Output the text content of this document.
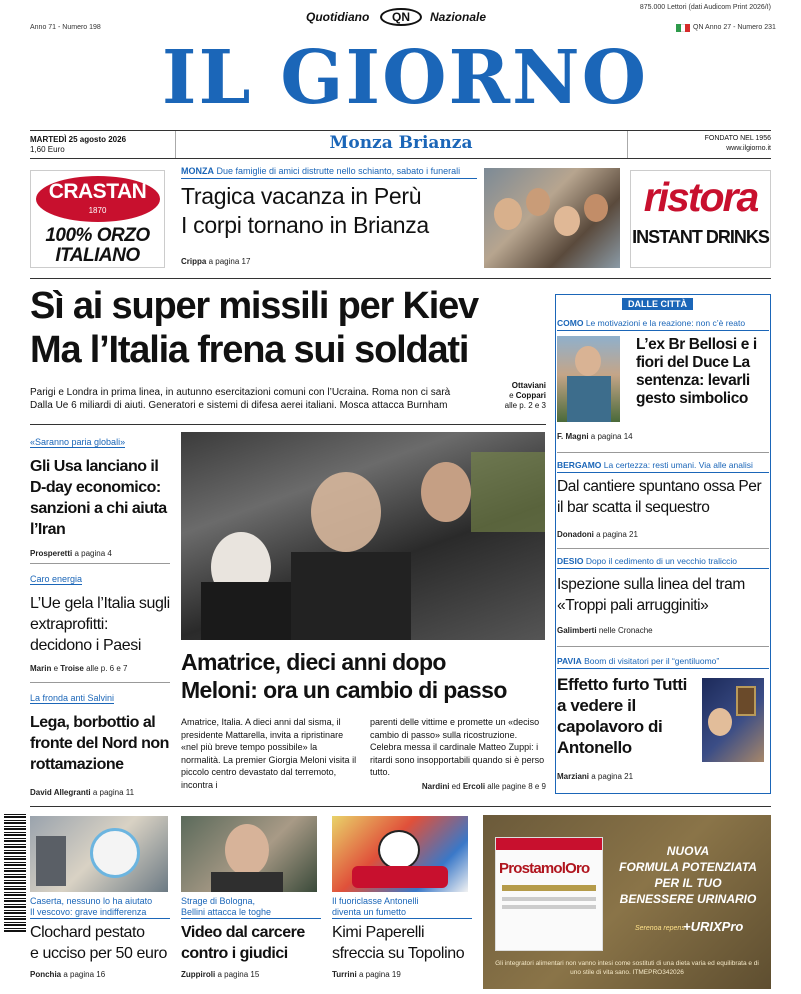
Anno 71 - Numero 198
875.000 Lettori (dati Audicom Print 2026/I)
QN Anno 27 - Numero 231
Quotidiano	QN	Nazionale
IL GIORNO
MARTEDÌ 25 agosto 2026
1,60 Euro	Monza Brianza	FONDATO NEL 1956
www.ilgiorno.it
CRASTAN
1870
100% ORZO
ITALIANO
MONZA Due famiglie di amici distrutte nello schianto, sabato i funerali
Tragica vacanza in Perù
I corpi tornano in Brianza
Crippa a pagina 17
ristora
INSTANT DRINKS
Sì ai super missili per Kiev
Ma l’Italia frena sui soldati
Parigi e Londra in prima linea, in autunno esercitazioni comuni con l’Ucraina. Roma non ci sarà
Dalla Ue 6 miliardi di aiuti. Generatori e sistemi di difesa aerei italiani. Mosca attacca Burnham
Ottaviani
e Coppari
alle p. 2 e 3
«Saranno paria globali»
Gli Usa lanciano il D-day economico: sanzioni a chi aiuta l’Iran
Prosperetti a pagina 4
Caro energia
L’Ue gela l’Italia sugli extraprofitti: decidono i Paesi
Marin e Troise alle p. 6 e 7
La fronda anti Salvini
Lega, borbottio al fronte del Nord non rottamazione
David Allegranti a pagina 11
Amatrice, dieci anni dopo
Meloni: ora un cambio di passo
Amatrice, Italia. A dieci anni dal sisma, il presidente Mattarella, invita a ripristinare «nel più breve tempo possibile» la normalità. La premier Giorgia Meloni visita il piccolo centro devastato dal terremoto, incontra i
parenti delle vittime e promette un «deciso cambio di passo» sulla ricostruzione. Celebra messa il cardinale Matteo Zuppi: i ritardi sono insopportabili quando si è perso tutto.
Nardini ed Ercoli alle pagine 8 e 9
DALLE CITTÀ
COMO Le motivazioni e la reazione: non c’è reato
L’ex Br Bellosi e i fiori del Duce La sentenza: levarli gesto simbolico
F. Magni a pagina 14
BERGAMO La certezza: resti umani. Via alle analisi
Dal cantiere spuntano ossa Per il bar scatta il sequestro
Donadoni a pagina 21
DESIO Dopo il cedimento di un vecchio traliccio
Ispezione sulla linea del tram «Troppi pali arrugginiti»
Galimberti nelle Cronache
PAVIA Boom di visitatori per il “gentiluomo”
Effetto furto Tutti a vedere il capolavoro di Antonello
Marziani a pagina 21
Caserta, nessuno lo ha aiutato
Il vescovo: grave indifferenza
Clochard pestato
e ucciso per 50 euro
Ponchia a pagina 16
Strage di Bologna,
Bellini attacca le toghe
Video dal carcere
contro i giudici
Zuppiroli a pagina 15
Il fuoriclasse Antonelli
diventa un fumetto
Kimi Paperelli
sfreccia su Topolino
Turrini a pagina 19
ProstamolOro
NUOVA
FORMULA POTENZIATA
PER IL TUO
BENESSERE URINARIO
Serenoa repens
+URIXPro
Gli integratori alimentari non vanno intesi come sostituti di una dieta varia ed equilibrata e di uno stile di vita sano. ITMEPRO342026
